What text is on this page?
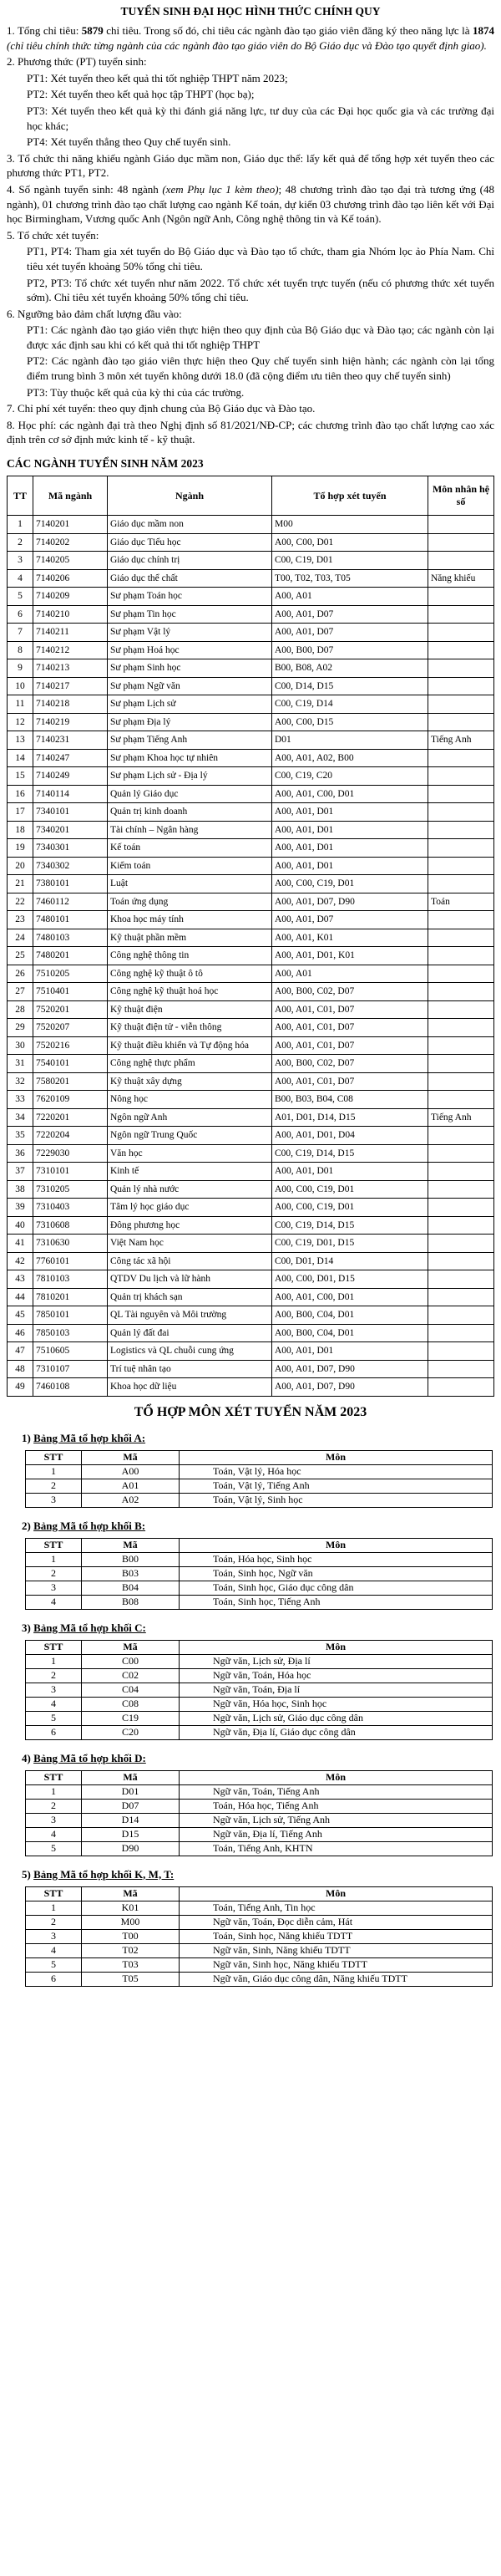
TUYỂN SINH ĐẠI HỌC HÌNH THỨC CHÍNH QUY
1. Tổng chỉ tiêu: 5879 chỉ tiêu. Trong số đó, chỉ tiêu các ngành đào tạo giáo viên đăng ký theo năng lực là 1874 (chỉ tiêu chính thức từng ngành của các ngành đào tạo giáo viên do Bộ Giáo dục và Đào tạo quyết định giao).
2. Phương thức (PT) tuyển sinh:
PT1: Xét tuyển theo kết quả thi tốt nghiệp THPT năm 2023;
PT2: Xét tuyển theo kết quả học tập THPT (học bạ);
PT3: Xét tuyển theo kết quả kỳ thi đánh giá năng lực, tư duy của các Đại học quốc gia và các trường đại học khác;
PT4: Xét tuyển thẳng theo Quy chế tuyển sinh.
3. Tổ chức thi năng khiếu ngành Giáo dục mầm non, Giáo dục thể: lấy kết quả để tổng hợp xét tuyển theo các phương thức PT1, PT2.
4. Số ngành tuyển sinh: 48 ngành (xem Phụ lục 1 kèm theo); 48 chương trình đào tạo đại trà tương ứng (48 ngành), 01 chương trình đào tạo chất lượng cao ngành Kế toán, dự kiến 03 chương trình đào tạo liên kết với Đại học Birmingham, Vương quốc Anh (Ngôn ngữ Anh, Công nghệ thông tin và Kế toán).
5. Tổ chức xét tuyển:
PT1, PT4: Tham gia xét tuyển do Bộ Giáo dục và Đào tạo tổ chức, tham gia Nhóm lọc ảo Phía Nam. Chỉ tiêu xét tuyển khoảng 50% tổng chỉ tiêu.
PT2, PT3: Tổ chức xét tuyển như năm 2022. Tổ chức xét tuyển trực tuyến (nếu có phương thức xét tuyển sớm). Chỉ tiêu xét tuyển khoảng 50% tổng chỉ tiêu.
6. Ngưỡng bảo đảm chất lượng đầu vào:
PT1: Các ngành đào tạo giáo viên thực hiện theo quy định của Bộ Giáo dục và Đào tạo; các ngành còn lại được xác định sau khi có kết quả thi tốt nghiệp THPT
PT2: Các ngành đào tạo giáo viên thực hiện theo Quy chế tuyển sinh hiện hành; các ngành còn lại tổng điểm trung bình 3 môn xét tuyển không dưới 18.0 (đã cộng điểm ưu tiên theo quy chế tuyển sinh)
PT3: Tùy thuộc kết quả của kỳ thi của các trường.
7. Chỉ phí xét tuyển: theo quy định chung của Bộ Giáo dục và Đào tạo.
8. Học phí: các ngành đại trà theo Nghị định số 81/2021/NĐ-CP; các chương trình đào tạo chất lượng cao xác định trên cơ sở định mức kinh tế - kỹ thuật.
CÁC NGÀNH TUYỂN SINH NĂM 2023
TT	Mã ngành	Ngành	Tổ hợp xét tuyển	Môn nhân hệ số
1	7140201	Giáo dục mầm non	M00	
2	7140202	Giáo dục Tiểu học	A00, C00, D01	
3	7140205	Giáo dục chính trị	C00, C19, D01	
4	7140206	Giáo dục thể chất	T00, T02, T03, T05	Năng khiếu
5	7140209	Sư phạm Toán học	A00, A01	
6	7140210	Sư phạm Tin học	A00, A01, D07	
7	7140211	Sư phạm Vật lý	A00, A01, D07	
8	7140212	Sư phạm Hoá học	A00, B00, D07	
9	7140213	Sư phạm Sinh học	B00, B08, A02	
10	7140217	Sư phạm Ngữ văn	C00, D14, D15	
11	7140218	Sư phạm Lịch sử	C00, C19, D14	
12	7140219	Sư phạm Địa lý	A00, C00, D15	
13	7140231	Sư phạm Tiếng Anh	D01	Tiếng Anh
14	7140247	Sư phạm Khoa học tự nhiên	A00, A01, A02, B00	
15	7140249	Sư phạm Lịch sử - Địa lý	C00, C19, C20	
16	7140114	Quản lý Giáo dục	A00, A01, C00, D01	
17	7340101	Quản trị kinh doanh	A00, A01, D01	
18	7340201	Tài chính – Ngân hàng	A00, A01, D01	
19	7340301	Kế toán	A00, A01, D01	
20	7340302	Kiểm toán	A00, A01, D01	
21	7380101	Luật	A00, C00, C19, D01	
22	7460112	Toán ứng dụng	A00, A01, D07, D90	Toán
23	7480101	Khoa học máy tính	A00, A01, D07	
24	7480103	Kỹ thuật phần mềm	A00, A01, K01	
25	7480201	Công nghệ thông tin	A00, A01, D01, K01	
26	7510205	Công nghệ kỹ thuật ô tô	A00, A01	
27	7510401	Công nghệ kỹ thuật hoá học	A00, B00, C02, D07	
28	7520201	Kỹ thuật điện	A00, A01, C01, D07	
29	7520207	Kỹ thuật điện tử - viễn thông	A00, A01, C01, D07	
30	7520216	Kỹ thuật điều khiển và Tự động hóa	A00, A01, C01, D07	
31	7540101	Công nghệ thực phẩm	A00, B00, C02, D07	
32	7580201	Kỹ thuật xây dựng	A00, A01, C01, D07	
33	7620109	Nông học	B00, B03, B04, C08	
34	7220201	Ngôn ngữ Anh	A01, D01, D14, D15	Tiếng Anh
35	7220204	Ngôn ngữ Trung Quốc	A00, A01, D01, D04	
36	7229030	Văn học	C00, C19, D14, D15	
37	7310101	Kinh tế	A00, A01, D01	
38	7310205	Quản lý nhà nước	A00, C00, C19, D01	
39	7310403	Tâm lý học giáo dục	A00, C00, C19, D01	
40	7310608	Đông phương học	C00, C19, D14, D15	
41	7310630	Việt Nam học	C00, C19, D01, D15	
42	7760101	Công tác xã hội	C00, D01, D14	
43	7810103	QTDV Du lịch và lữ hành	A00, C00, D01, D15	
44	7810201	Quản trị khách sạn	A00, A01, C00, D01	
45	7850101	QL Tài nguyên và Môi trường	A00, B00, C04, D01	
46	7850103	Quản lý đất đai	A00, B00, C04, D01	
47	7510605	Logistics và QL chuỗi cung ứng	A00, A01, D01	
48	7310107	Trí tuệ nhân tạo	A00, A01, D07, D90	
49	7460108	Khoa học dữ liệu	A00, A01, D07, D90	
TỔ HỢP MÔN XÉT TUYỂN NĂM 2023
1) Bảng Mã tổ hợp khối A:
STT	Mã	Môn
1	A00	Toán, Vật lý, Hóa học
2	A01	Toán, Vật lý, Tiếng Anh
3	A02	Toán, Vật lý, Sinh học
2) Bảng Mã tổ hợp khối B:
STT	Mã	Môn
1	B00	Toán, Hóa học, Sinh học
2	B03	Toán, Sinh học, Ngữ văn
3	B04	Toán, Sinh học, Giáo dục công dân
4	B08	Toán, Sinh học, Tiếng Anh
3) Bảng Mã tổ hợp khối C:
STT	Mã	Môn
1	C00	Ngữ văn, Lịch sử, Địa lí
2	C02	Ngữ văn, Toán, Hóa học
3	C04	Ngữ văn, Toán, Địa lí
4	C08	Ngữ văn, Hóa học, Sinh học
5	C19	Ngữ văn, Lịch sử, Giáo dục công dân
6	C20	Ngữ văn, Địa lí, Giáo dục công dân
4) Bảng Mã tổ hợp khối D:
STT	Mã	Môn
1	D01	Ngữ văn, Toán, Tiếng Anh
2	D07	Toán, Hóa học, Tiếng Anh
3	D14	Ngữ văn, Lịch sử, Tiếng Anh
4	D15	Ngữ văn, Địa lí, Tiếng Anh
5	D90	Toán, Tiếng Anh, KHTN
5) Bảng Mã tổ hợp khối K, M, T:
STT	Mã	Môn
1	K01	Toán, Tiếng Anh, Tin học
2	M00	Ngữ văn, Toán, Đọc diễn cảm, Hát
3	T00	Toán, Sinh học, Năng khiếu TDTT
4	T02	Ngữ văn, Sinh, Năng khiếu TDTT
5	T03	Ngữ văn, Sinh học, Năng khiếu TDTT
6	T05	Ngữ văn, Giáo dục công dân, Năng khiếu TDTT
